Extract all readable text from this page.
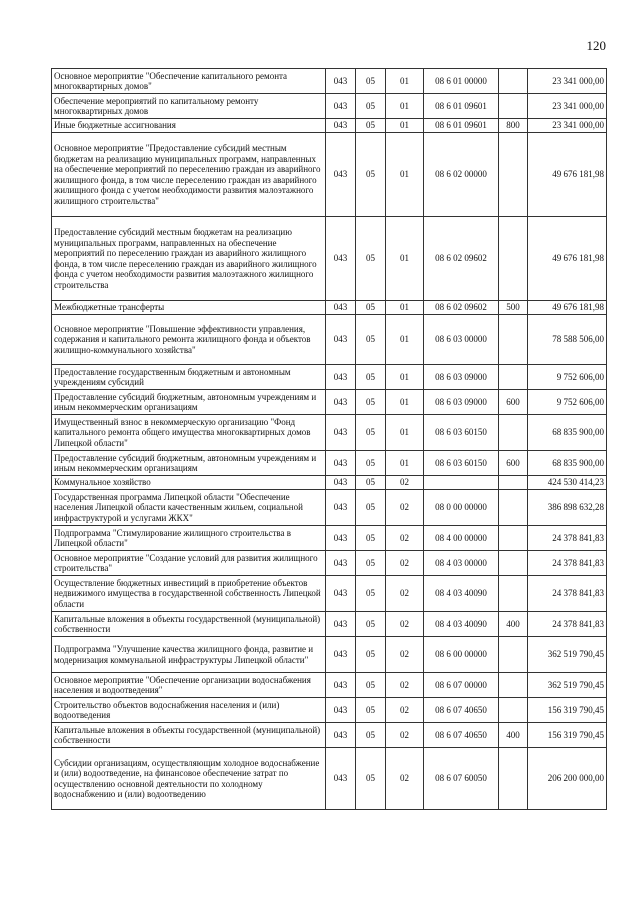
120
Основное мероприятие "Обеспечение капитального ремонта многоквартирных домов"	043	05	01	08 6 01 00000		23 341 000,00
Обеспечение мероприятий по капитальному ремонту многоквартирных домов	043	05	01	08 6 01 09601		23 341 000,00
Иные бюджетные ассигнования	043	05	01	08 6 01 09601	800	23 341 000,00
Основное мероприятие "Предоставление субсидий местным бюджетам на реализацию муниципальных программ, направленных на обеспечение мероприятий по переселению граждан из аварийного жилищного фонда, в том числе переселению граждан из аварийного жилищного фонда с учетом необходимости развития малоэтажного жилищного строительства"	043	05	01	08 6 02 00000		49 676 181,98
Предоставление субсидий местным бюджетам на реализацию муниципальных программ, направленных на обеспечение мероприятий по переселению граждан из аварийного жилищного фонда, в том числе переселению граждан из аварийного жилищного фонда с учетом необходимости развития малоэтажного жилищного строительства	043	05	01	08 6 02 09602		49 676 181,98
Межбюджетные трансферты	043	05	01	08 6 02 09602	500	49 676 181,98
Основное мероприятие "Повышение эффективности управления, содержания и капитального ремонта жилищного фонда и объектов жилищно-коммунального хозяйства"	043	05	01	08 6 03 00000		78 588 506,00
Предоставление государственным бюджетным и автономным учреждениям субсидий	043	05	01	08 6 03 09000		9 752 606,00
Предоставление субсидий бюджетным, автономным учреждениям и иным некоммерческим организациям	043	05	01	08 6 03 09000	600	9 752 606,00
Имущественный взнос в некоммерческую организацию "Фонд капитального ремонта общего имущества многоквартирных домов Липецкой области"	043	05	01	08 6 03 60150		68 835 900,00
Предоставление субсидий бюджетным, автономным учреждениям и иным некоммерческим организациям	043	05	01	08 6 03 60150	600	68 835 900,00
Коммунальное хозяйство	043	05	02			424 530 414,23
Государственная программа Липецкой области "Обеспечение населения Липецкой области качественным жильем, социальной инфраструктурой и услугами ЖКХ"	043	05	02	08 0 00 00000		386 898 632,28
Подпрограмма "Стимулирование жилищного строительства в Липецкой области"	043	05	02	08 4 00 00000		24 378 841,83
Основное мероприятие "Создание условий для развития жилищного строительства"	043	05	02	08 4 03 00000		24 378 841,83
Осуществление бюджетных инвестиций в приобретение объектов недвижимого имущества в государственной собственность Липецкой области	043	05	02	08 4 03 40090		24 378 841,83
Капитальные вложения в объекты государственной (муниципальной) собственности	043	05	02	08 4 03 40090	400	24 378 841,83
Подпрограмма "Улучшение качества жилищного фонда, развитие и модернизация коммунальной инфраструктуры Липецкой области"	043	05	02	08 6 00 00000		362 519 790,45
Основное мероприятие "Обеспечение организации водоснабжения населения и водоотведения"	043	05	02	08 6 07 00000		362 519 790,45
Строительство объектов водоснабжения населения и (или) водоотведения	043	05	02	08 6 07 40650		156 319 790,45
Капитальные вложения в объекты государственной (муниципальной) собственности	043	05	02	08 6 07 40650	400	156 319 790,45
Субсидии организациям, осуществляющим холодное водоснабжение и (или) водоотведение, на финансовое обеспечение затрат по осуществлению основной деятельности по холодному водоснабжению и (или) водоотведению	043	05	02	08 6 07 60050		206 200 000,00
